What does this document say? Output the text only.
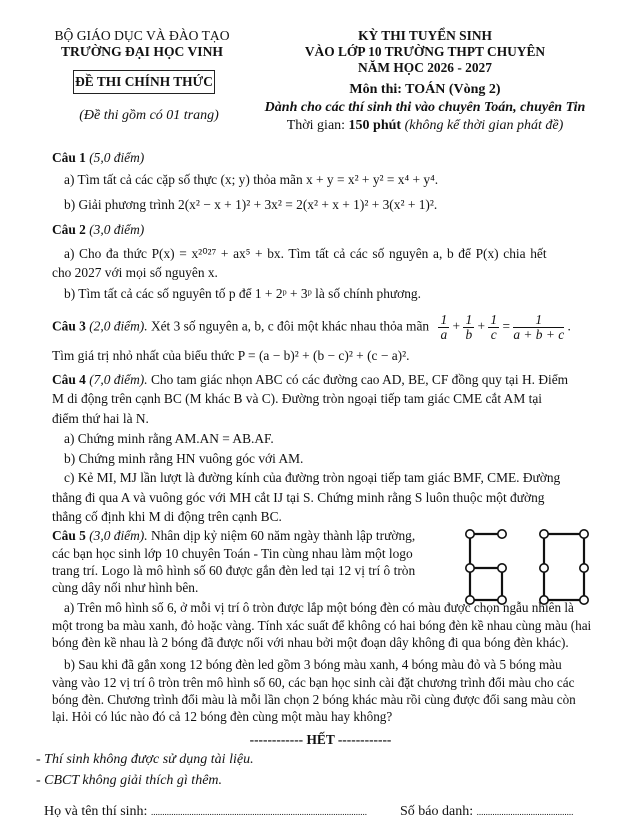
BỘ GIÁO DỤC VÀ ĐÀO TẠO
TRƯỜNG ĐẠI HỌC VINH
ĐỀ THI CHÍNH THỨC
(Đề thi gồm có 01 trang)
KỲ THI TUYỂN SINH
VÀO LỚP 10 TRƯỜNG THPT CHUYÊN
NĂM HỌC 2026 - 2027
Môn thi: TOÁN (Vòng 2)
Dành cho các thí sinh thi vào chuyên Toán, chuyên Tin
Thời gian: 150 phút (không kể thời gian phát đề)
Câu 1 (5,0 điểm)
a) Tìm tất cả các cặp số thực (x; y) thỏa mãn x + y = x² + y² = x⁴ + y⁴.
b) Giải phương trình 2(x² − x + 1)² + 3x² = 2(x² + x + 1)² + 3(x² + 1)².
Câu 2 (3,0 điểm)
a) Cho đa thức P(x) = x²⁰²⁷ + ax⁵ + bx. Tìm tất cả các số nguyên a, b để P(x) chia hết
cho 2027 với mọi số nguyên x.
b) Tìm tất cả các số nguyên tố p để 1 + 2ᵖ + 3ᵖ là số chính phương.
Câu 3 (2,0 điểm). Xét 3 số nguyên a, b, c đôi một khác nhau thỏa mãn $\frac{1}{a} + \frac{1}{b} + \frac{1}{c} = \frac{1}{a + b + c}$ .
Tìm giá trị nhỏ nhất của biểu thức P = (a − b)² + (b − c)² + (c − a)².
Câu 4 (7,0 điểm). Cho tam giác nhọn ABC có các đường cao AD, BE, CF đồng quy tại H. Điểm
M di động trên cạnh BC (M khác B và C). Đường tròn ngoại tiếp tam giác CME cắt AM tại
điểm thứ hai là N.
a) Chứng minh rằng AM.AN = AB.AF.
b) Chứng minh rằng HN vuông góc với AM.
c) Kẻ MI, MJ lần lượt là đường kính của đường tròn ngoại tiếp tam giác BMF, CME. Đường
thẳng đi qua A và vuông góc với MH cắt IJ tại S. Chứng minh rằng S luôn thuộc một đường
thẳng cố định khi M di động trên cạnh BC.
Câu 5 (3,0 điểm). Nhân dịp kỷ niệm 60 năm ngày thành lập trường,
các bạn học sinh lớp 10 chuyên Toán - Tin cùng nhau làm một logo
trang trí. Logo là mô hình số 60 được gắn đèn led tại 12 vị trí ô tròn
cùng dây nối như hình bên.
a) Trên mô hình số 6, ở mỗi vị trí ô tròn được lắp một bóng đèn có màu được chọn ngẫu nhiên là
một trong ba màu xanh, đỏ hoặc vàng. Tính xác suất để không có hai bóng đèn kề nhau cùng màu (hai
bóng đèn kề nhau là 2 bóng đã được nối với nhau bởi một đoạn dây không đi qua bóng đèn khác).
b) Sau khi đã gắn xong 12 bóng đèn led gồm 3 bóng màu xanh, 4 bóng màu đỏ và 5 bóng màu
vàng vào 12 vị trí ô tròn trên mô hình số 60, các bạn học sinh cài đặt chương trình đổi màu cho các
bóng đèn. Chương trình đổi màu là mỗi lần chọn 2 bóng khác màu rồi cùng được đổi sang màu còn
lại. Hỏi có lúc nào đó cả 12 bóng đèn cùng một màu hay không?
------------ HẾT ------------
- Thí sinh không được sử dụng tài liệu.
- CBCT không giải thích gì thêm.
Họ và tên thí sinh: ................................................................................................ Số báo danh: ...........................................
